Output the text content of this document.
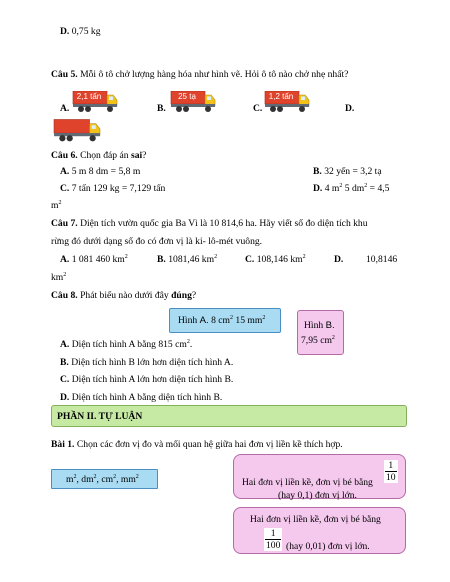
D. 0,75 kg
Câu 5. Mỗi ô tô chở lượng hàng hóa như hình vẽ. Hỏi ô tô nào chở nhẹ nhất?
A.
2,1 tấn
B.
25 tạ
C.
1,2 tấn
D.
Câu 6. Chọn đáp án sai?
A. 5 m 8 dm = 5,8 m	B. 32 yến = 3,2 tạ
C. 7 tấn 129 kg = 7,129 tấn	D. 4 $m^2$ 5 $dm^2 = 4,5$
$m^2$
Câu 7. Diện tích vườn quốc gia Ba Vì là 10 814,6 ha. Hãy viết số đo diện tích khu
rừng đó dưới dạng số đo có đơn vị là ki- lô-mét vuông.
A. 1 081 460 $km^2$	B. 1081,46 $km^2$	C. 108,146 $km^2$	D. 10,8146
$km^2$
Câu 8. Phát biểu nào dưới đây đúng?
Hình A. 8 $cm^2$ 15 $mm^2$
Hình B.
7,95 $cm^2$
A. Diện tích hình A bằng 815 $cm^2$.
B. Diện tích hình B lớn hơn diện tích hình A.
C. Diện tích hình A lớn hơn diện tích hình B.
D. Diện tích hình A bằng diện tích hình B.
PHẦN II. TỰ LUẬN
Bài 1. Chọn các đơn vị đo và mối quan hệ giữa hai đơn vị liền kề thích hợp.
$m^2$, $dm^2$, $cm^2$, $mm^2$
Hai đơn vị liền kề, đơn vị bé bằng $\frac{1}{10}$
(hay 0,1) đơn vị lớn.
Hai đơn vị liền kề, đơn vị bé bằng
$\frac{1}{100} (hay$ 0,01) đơn vị lớn.
